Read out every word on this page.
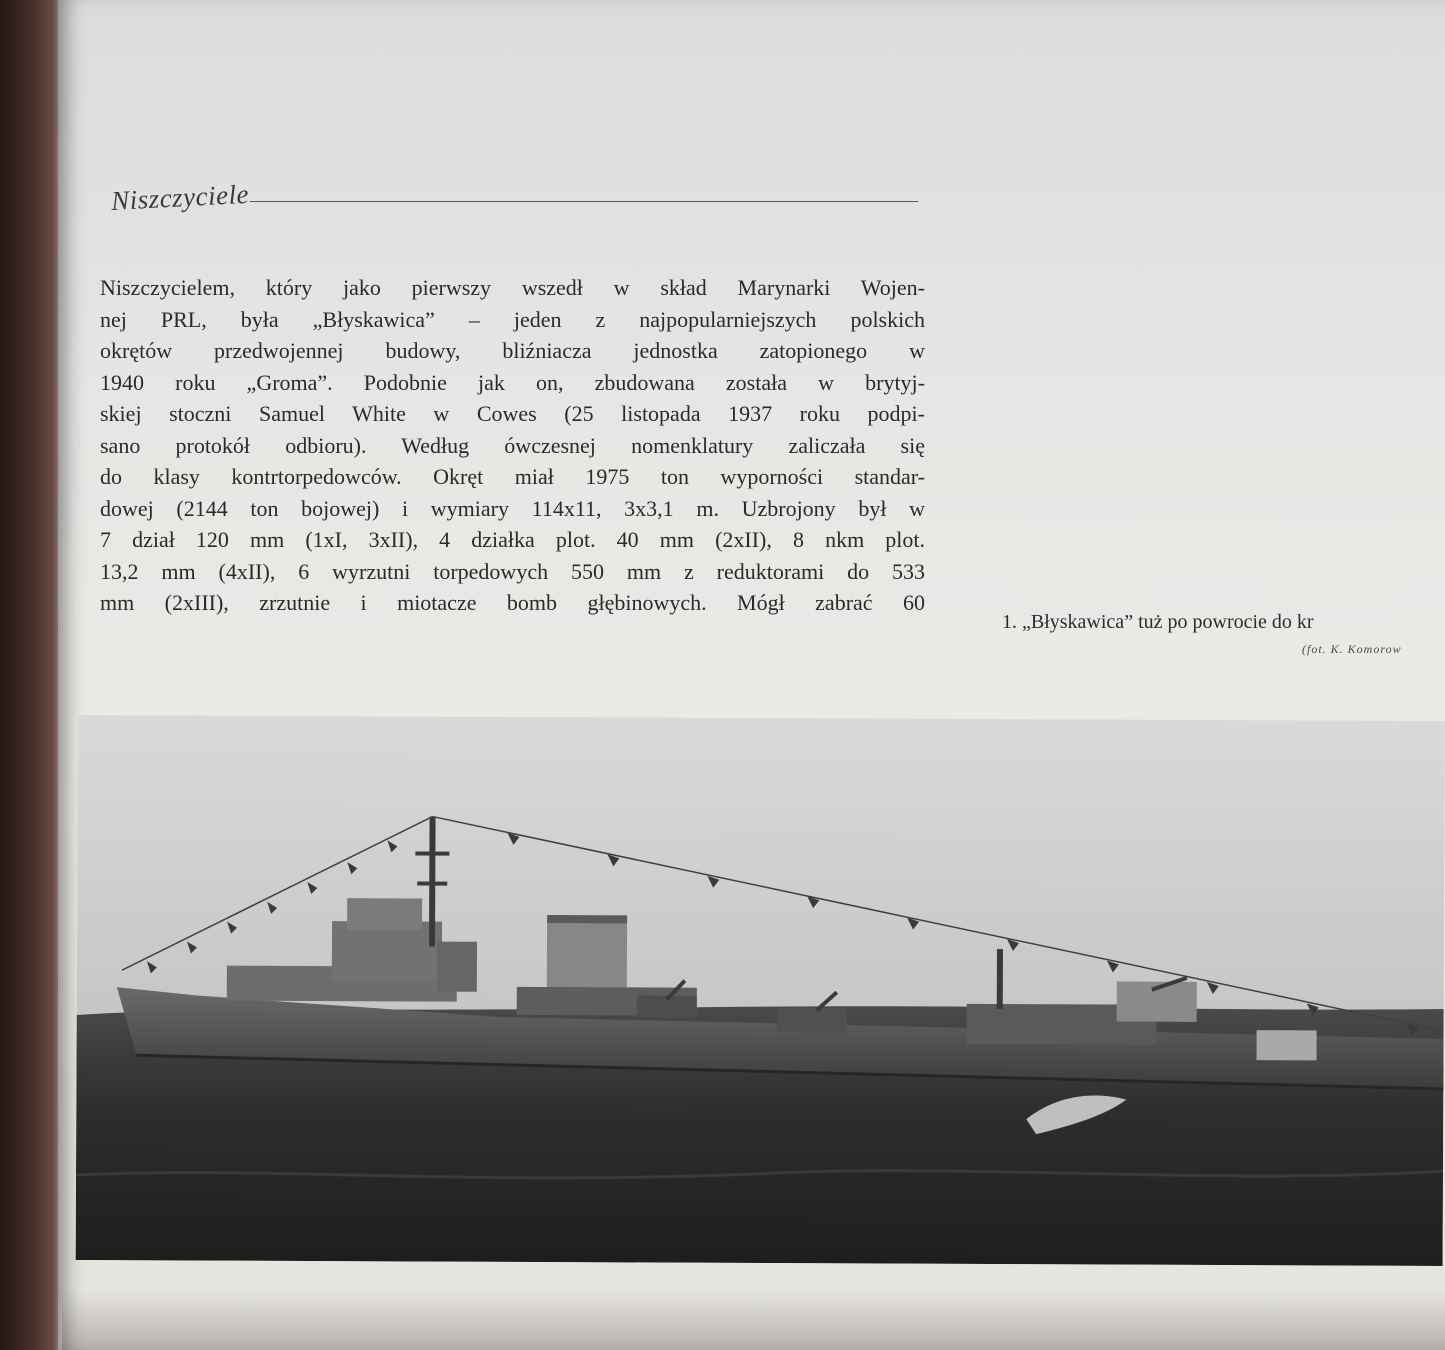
Niszczyciele
Niszczycielem, który jako pierwszy wszedł w skład Marynarki Wojen-
nej PRL, była „Błyskawica” – jeden z najpopularniejszych polskich
okrętów przedwojennej budowy, bliźniacza jednostka zatopionego w
1940 roku „Groma”. Podobnie jak on, zbudowana została w brytyj-
skiej stoczni Samuel White w Cowes (25 listopada 1937 roku podpi-
sano protokół odbioru). Według ówczesnej nomenklatury zaliczała się
do klasy kontrtorpedowców. Okręt miał 1975 ton wyporności standar-
dowej (2144 ton bojowej) i wymiary 114x11, 3x3,1 m. Uzbrojony był w
7 dział 120 mm (1xI, 3xII), 4 działka plot. 40 mm (2xII), 8 nkm plot.
13,2 mm (4xII), 6 wyrzutni torpedowych 550 mm z reduktorami do 533
mm (2xIII), zrzutnie i miotacze bomb głębinowych. Mógł zabrać 60
1. „Błyskawica” tuż po powrocie do kr
(fot. K. Komorow
